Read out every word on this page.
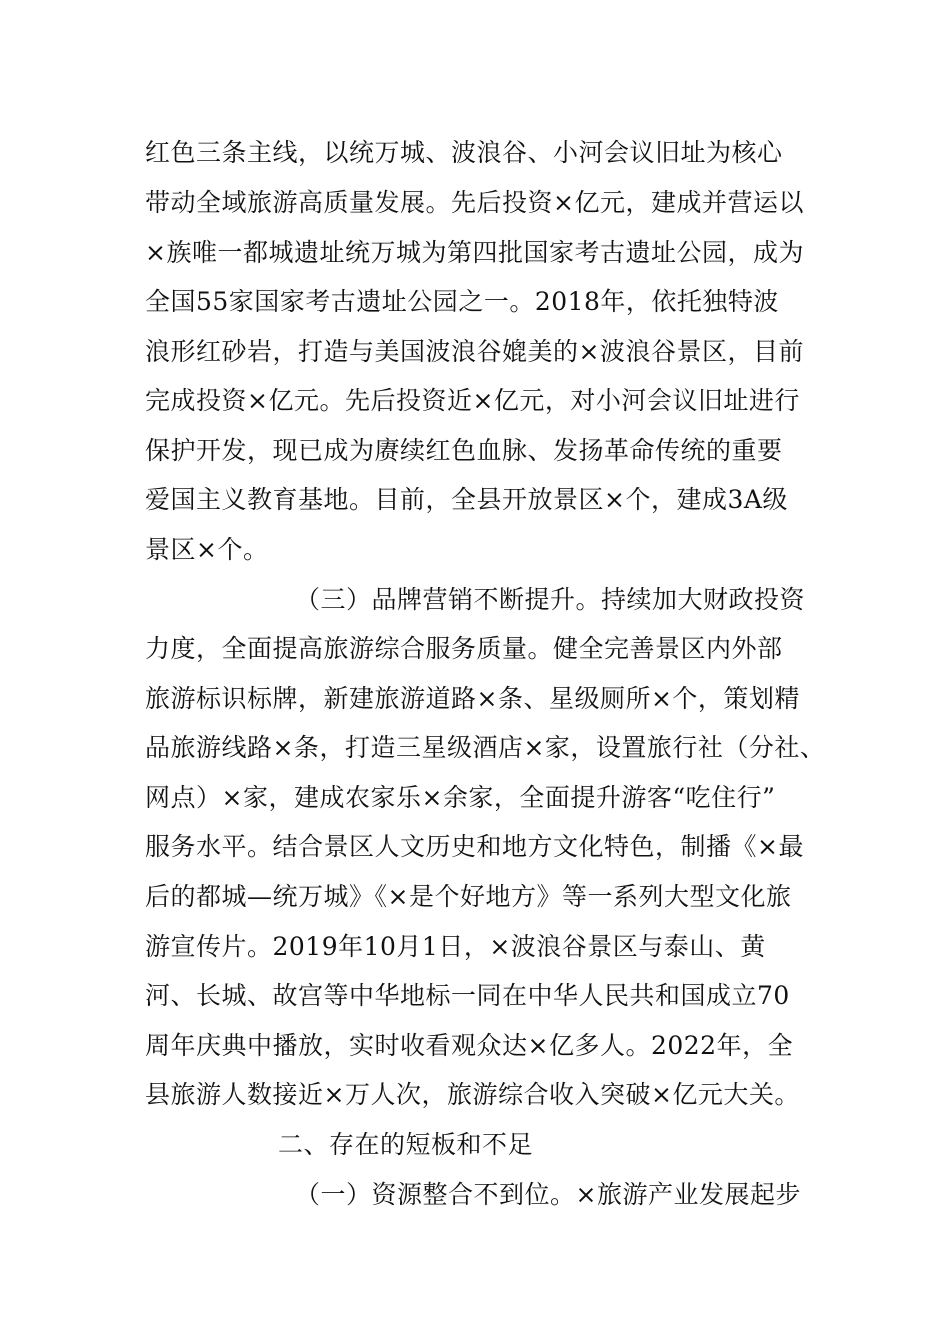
红色三条主线，以统万城、波浪谷、小河会议旧址为核心
带动全域旅游高质量发展。先后投资×亿元，建成并营运以
×族唯一都城遗址统万城为第四批国家考古遗址公园，成为
全国55家国家考古遗址公园之一。2018年，依托独特波
浪形红砂岩，打造与美国波浪谷媲美的×波浪谷景区，目前
完成投资×亿元。先后投资近×亿元，对小河会议旧址进行
保护开发，现已成为赓续红色血脉、发扬革命传统的重要
爱国主义教育基地。目前，全县开放景区×个，建成3A级
景区×个。
（三）品牌营销不断提升。持续加大财政投资
力度，全面提高旅游综合服务质量。健全完善景区内外部
旅游标识标牌，新建旅游道路×条、星级厕所×个，策划精
品旅游线路×条，打造三星级酒店×家，设置旅行社（分社、
网点）×家，建成农家乐×余家，全面提升游客“吃住行”
服务水平。结合景区人文历史和地方文化特色，制播《×最
后的都城—统万城》《×是个好地方》等一系列大型文化旅
游宣传片。2019年10月1日，×波浪谷景区与泰山、黄
河、长城、故宫等中华地标一同在中华人民共和国成立70
周年庆典中播放，实时收看观众达×亿多人。2022年，全
县旅游人数接近×万人次，旅游综合收入突破×亿元大关。
二、存在的短板和不足
（一）资源整合不到位。×旅游产业发展起步
